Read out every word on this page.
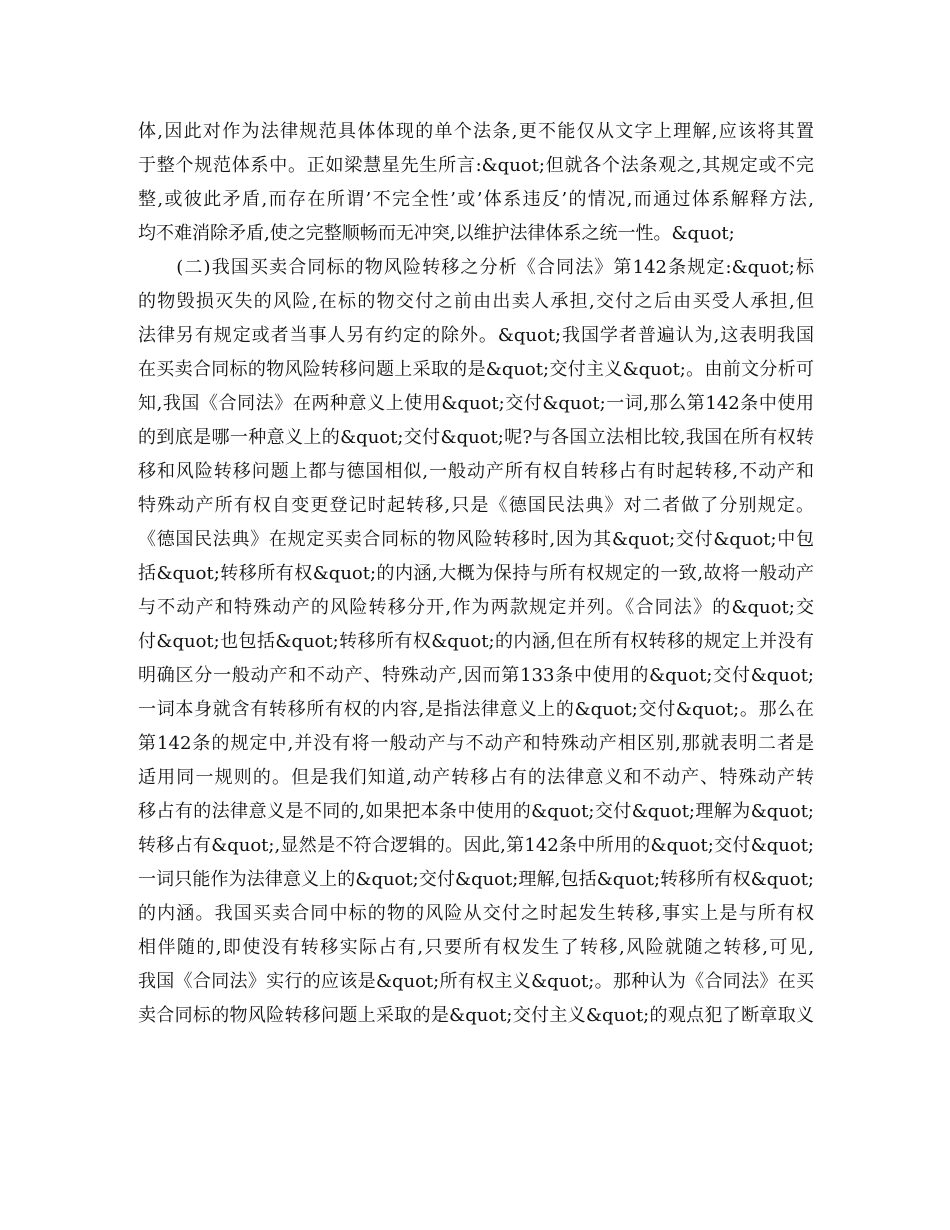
体,因此对作为法律规范具体体现的单个法条,更不能仅从文字上理解,应该将其置
于整个规范体系中。正如梁慧星先生所言:&quot;但就各个法条观之,其规定或不完
整,或彼此矛盾,而存在所谓’不完全性’或’体系违反’的情况,而通过体系解释方法,
均不难消除矛盾,使之完整顺畅而无冲突,以维护法律体系之统一性。&quot;
　　(二)我国买卖合同标的物风险转移之分析《合同法》第142条规定:&quot;标
的物毁损灭失的风险,在标的物交付之前由出卖人承担,交付之后由买受人承担,但
法律另有规定或者当事人另有约定的除外。&quot;我国学者普遍认为,这表明我国
在买卖合同标的物风险转移问题上采取的是&quot;交付主义&quot;。由前文分析可
知,我国《合同法》在两种意义上使用&quot;交付&quot;一词,那么第142条中使用
的到底是哪一种意义上的&quot;交付&quot;呢?与各国立法相比较,我国在所有权转
移和风险转移问题上都与德国相似,一般动产所有权自转移占有时起转移,不动产和
特殊动产所有权自变更登记时起转移,只是《德国民法典》对二者做了分别规定。
《德国民法典》在规定买卖合同标的物风险转移时,因为其&quot;交付&quot;中包
括&quot;转移所有权&quot;的内涵,大概为保持与所有权规定的一致,故将一般动产
与不动产和特殊动产的风险转移分开,作为两款规定并列。《合同法》的&quot;交
付&quot;也包括&quot;转移所有权&quot;的内涵,但在所有权转移的规定上并没有
明确区分一般动产和不动产、特殊动产,因而第133条中使用的&quot;交付&quot;
一词本身就含有转移所有权的内容,是指法律意义上的&quot;交付&quot;。那么在
第142条的规定中,并没有将一般动产与不动产和特殊动产相区别,那就表明二者是
适用同一规则的。但是我们知道,动产转移占有的法律意义和不动产、特殊动产转
移占有的法律意义是不同的,如果把本条中使用的&quot;交付&quot;理解为&quot;
转移占有&quot;,显然是不符合逻辑的。因此,第142条中所用的&quot;交付&quot;
一词只能作为法律意义上的&quot;交付&quot;理解,包括&quot;转移所有权&quot;
的内涵。我国买卖合同中标的物的风险从交付之时起发生转移,事实上是与所有权
相伴随的,即使没有转移实际占有,只要所有权发生了转移,风险就随之转移,可见,
我国《合同法》实行的应该是&quot;所有权主义&quot;。那种认为《合同法》在买
卖合同标的物风险转移问题上采取的是&quot;交付主义&quot;的观点犯了断章取义
